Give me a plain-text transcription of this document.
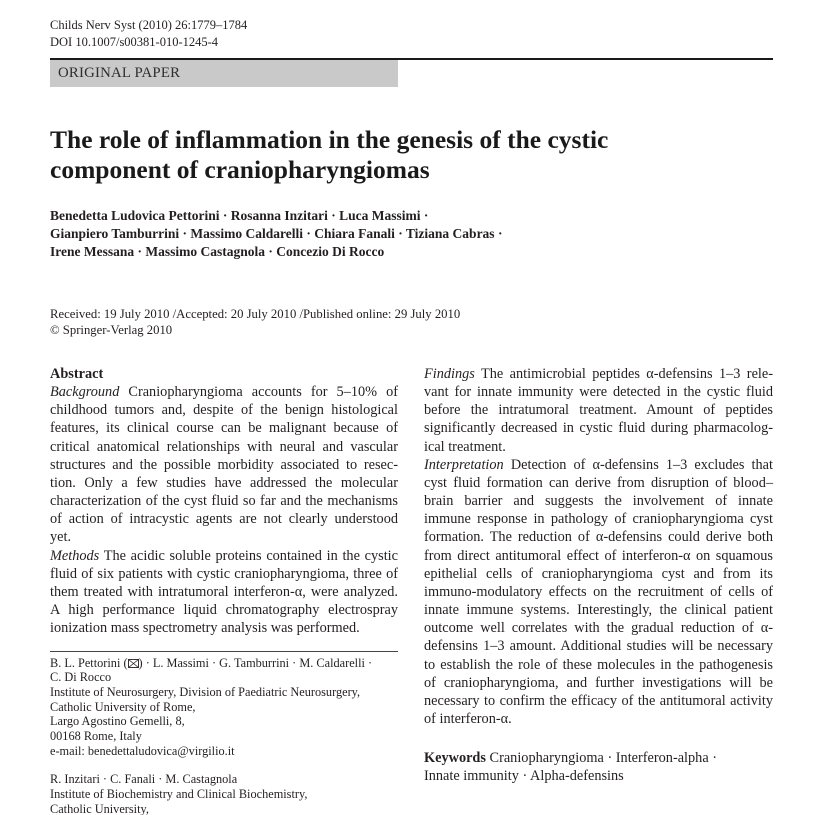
Childs Nerv Syst (2010) 26:1779–1784
DOI 10.1007/s00381-010-1245-4
ORIGINAL PAPER
The role of inflammation in the genesis of the cystic
component of craniopharyngiomas
Benedetta Ludovica Pettorini · Rosanna Inzitari · Luca Massimi ·
Gianpiero Tamburrini · Massimo Caldarelli · Chiara Fanali · Tiziana Cabras ·
Irene Messana · Massimo Castagnola · Concezio Di Rocco
Received: 19 July 2010 /Accepted: 20 July 2010 /Published online: 29 July 2010
© Springer-Verlag 2010
Abstract
Background Craniopharyngioma accounts for 5–10% of
childhood tumors and, despite of the benign histological
features, its clinical course can be malignant because of
critical anatomical relationships with neural and vascular
structures and the possible morbidity associated to resec-
tion. Only a few studies have addressed the molecular
characterization of the cyst fluid so far and the mechanisms
of action of intracystic agents are not clearly understood
yet.
Methods The acidic soluble proteins contained in the cystic
fluid of six patients with cystic craniopharyngioma, three of
them treated with intratumoral interferon-α, were analyzed.
A high performance liquid chromatography electrospray
ionization mass spectrometry analysis was performed.
Findings The antimicrobial peptides α-defensins 1–3 rele-
vant for innate immunity were detected in the cystic fluid
before the intratumoral treatment. Amount of peptides
significantly decreased in cystic fluid during pharmacolog-
ical treatment.
Interpretation Detection of α-defensins 1–3 excludes that
cyst fluid formation can derive from disruption of blood–
brain barrier and suggests the involvement of innate
immune response in pathology of craniopharyngioma cyst
formation. The reduction of α-defensins could derive both
from direct antitumoral effect of interferon-α on squamous
epithelial cells of craniopharyngioma cyst and from its
immuno-modulatory effects on the recruitment of cells of
innate immune systems. Interestingly, the clinical patient
outcome well correlates with the gradual reduction of α-
defensins 1–3 amount. Additional studies will be necessary
to establish the role of these molecules in the pathogenesis
of craniopharyngioma, and further investigations will be
necessary to confirm the efficacy of the antitumoral activity
of interferon-α.
Keywords Craniopharyngioma · Interferon-alpha ·
Innate immunity · Alpha-defensins
B. L. Pettorini ( ) · L. Massimi · G. Tamburrini · M. Caldarelli ·
C. Di Rocco
Institute of Neurosurgery, Division of Paediatric Neurosurgery,
Catholic University of Rome,
Largo Agostino Gemelli, 8,
00168 Rome, Italy
e-mail: benedettaludovica@virgilio.it
R. Inzitari · C. Fanali · M. Castagnola
Institute of Biochemistry and Clinical Biochemistry,
Catholic University,
